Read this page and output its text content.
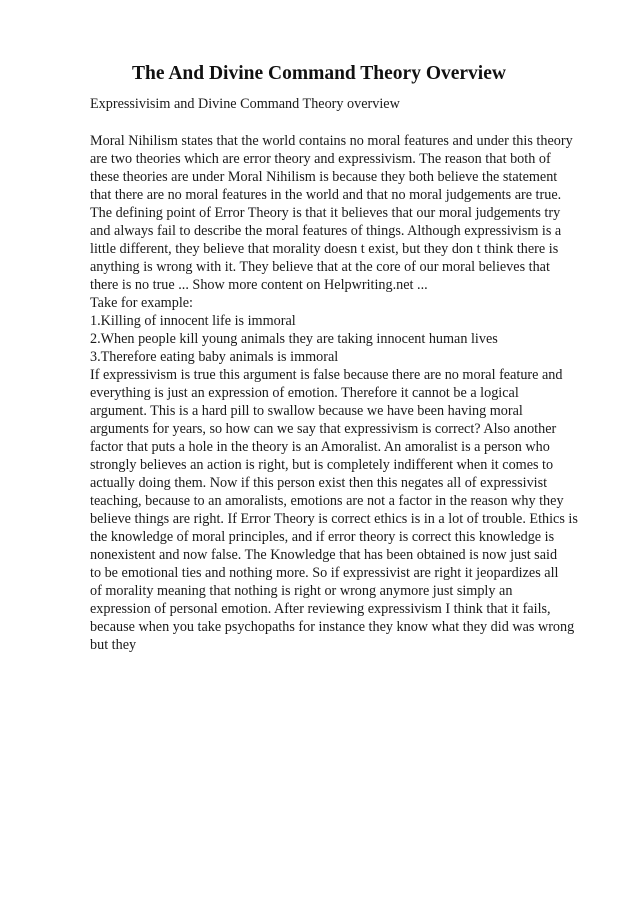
The And Divine Command Theory Overview

Expressivisim and Divine Command Theory overview

Moral Nihilism states that the world contains no moral features and under this theory
are two theories which are error theory and expressivism. The reason that both of
these theories are under Moral Nihilism is because they both believe the statement
that there are no moral features in the world and that no moral judgements are true.
The defining point of Error Theory is that it believes that our moral judgements try
and always fail to describe the moral features of things. Although expressivism is a
little different, they believe that morality doesn t exist, but they don t think there is
anything is wrong with it. They believe that at the core of our moral believes that
there is no true ... Show more content on Helpwriting.net ...
Take for example:
1.Killing of innocent life is immoral
2.When people kill young animals they are taking innocent human lives
3.Therefore eating baby animals is immoral
If expressivism is true this argument is false because there are no moral feature and
everything is just an expression of emotion. Therefore it cannot be a logical
argument. This is a hard pill to swallow because we have been having moral
arguments for years, so how can we say that expressivism is correct? Also another
factor that puts a hole in the theory is an Amoralist. An amoralist is a person who
strongly believes an action is right, but is completely indifferent when it comes to
actually doing them. Now if this person exist then this negates all of expressivist
teaching, because to an amoralists, emotions are not a factor in the reason why they
believe things are right. If Error Theory is correct ethics is in a lot of trouble. Ethics is
the knowledge of moral principles, and if error theory is correct this knowledge is
nonexistent and now false. The Knowledge that has been obtained is now just said
to be emotional ties and nothing more. So if expressivist are right it jeopardizes all
of morality meaning that nothing is right or wrong anymore just simply an
expression of personal emotion. After reviewing expressivism I think that it fails,
because when you take psychopaths for instance they know what they did was wrong
but they
